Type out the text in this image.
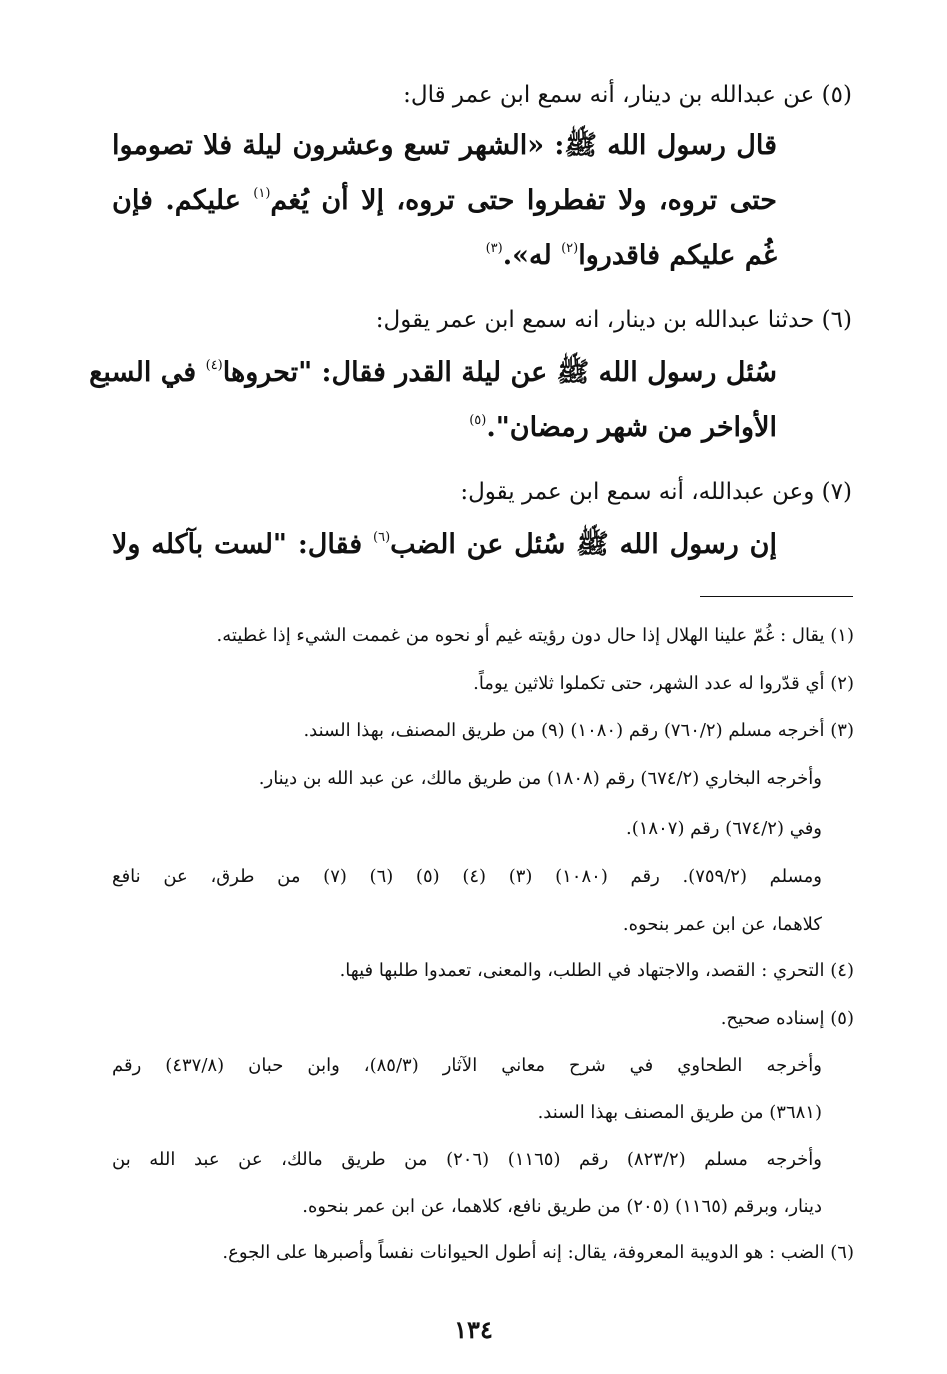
(٥) عن عبدالله بن دينار، أنه سمع ابن عمر قال:
قال رسول الله ﷺ: «الشهر تسع وعشرون ليلة فلا تصوموا
حتى تروه، ولا تفطروا حتى تروه، إلا أن يُغم$^{(١)}$ عليكم. فإن
غُم عليكم فاقدروا$^{(٢)}$ له».$^{(٣)}$
(٦) حدثنا عبدالله بن دينار، انه سمع ابن عمر يقول:
سُئل رسول الله ﷺ عن ليلة القدر فقال: "تحروها$^{(٤)}$ في السبع
الأواخر من شهر رمضان".$^{(٥)}$
(٧) وعن عبدالله، أنه سمع ابن عمر يقول:
إن رسول الله ﷺ سُئل عن الضب$^{(٦)}$ فقال: "لست بآكله ولا
(١) يقال : غُمّ علينا الهلال إذا حال دون رؤيته غيم أو نحوه من غممت الشيء إذا غطيته.
(٢) أي قدّروا له عدد الشهر، حتى تكملوا ثلاثين يوماً.
(٣) أخرجه مسلم (٧٦٠/٢) رقم (١٠٨٠) (٩) من طريق المصنف، بهذا السند.
وأخرجه البخاري (٦٧٤/٢) رقم (١٨٠٨) من طريق مالك، عن عبد الله بن دينار.
وفي (٦٧٤/٢) رقم (١٨٠٧).
ومسلم (٧٥٩/٢). رقم (١٠٨٠) (٣) (٤) (٥) (٦) (٧) من طرق، عن نافع
كلاهما، عن ابن عمر بنحوه.
(٤) التحري : القصد، والاجتهاد في الطلب، والمعنى، تعمدوا طلبها فيها.
(٥) إسناده صحيح.
وأخرجه الطحاوي في شرح معاني الآثار (٨٥/٣)، وابن حبان (٤٣٧/٨) رقم
(٣٦٨١) من طريق المصنف بهذا السند.
وأخرجه مسلم (٨٢٣/٢) رقم (١١٦٥) (٢٠٦) من طريق مالك، عن عبد الله بن
دينار، وبرقم (١١٦٥) (٢٠٥) من طريق نافع، كلاهما، عن ابن عمر بنحوه.
(٦) الضب : هو الدويبة المعروفة، يقال: إنه أطول الحيوانات نفساً وأصبرها على الجوع.
١٣٤
